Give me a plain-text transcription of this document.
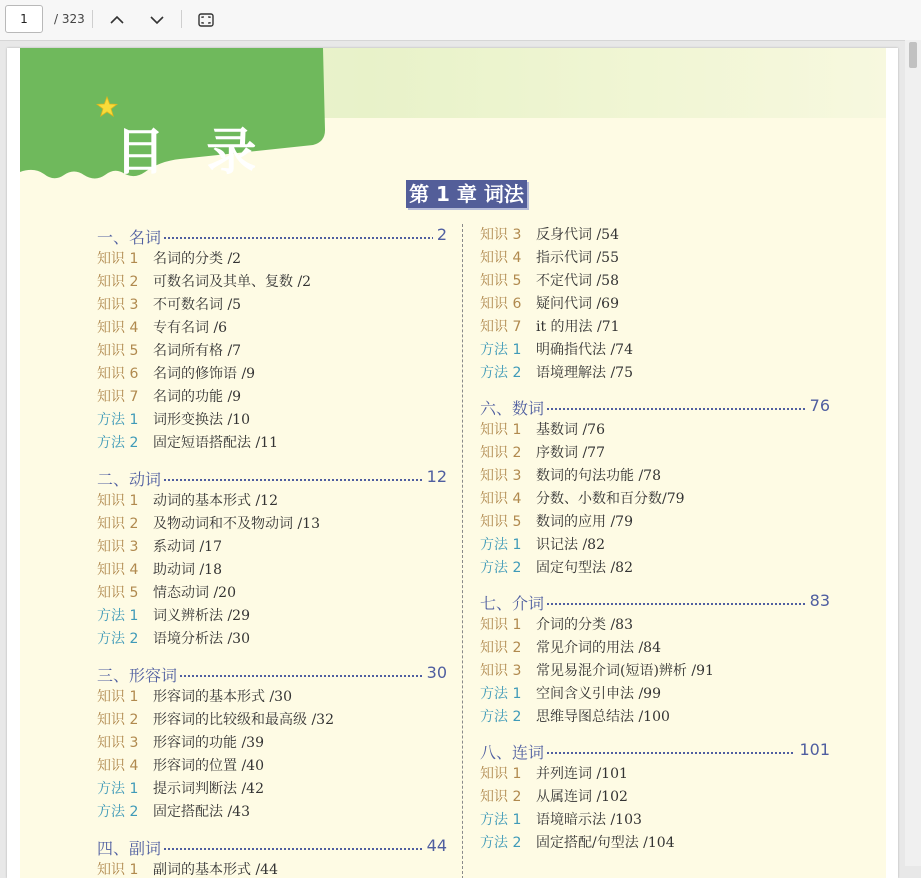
1
/ 323
目 录
第 1 章 词法
一、名词	2
知识 1 名词的分类 /2
知识 2 可数名词及其单、复数 /2
知识 3 不可数名词 /5
知识 4 专有名词 /6
知识 5 名词所有格 /7
知识 6 名词的修饰语 /9
知识 7 名词的功能 /9
方法 1 词形变换法 /10
方法 2 固定短语搭配法 /11
二、动词	12
知识 1 动词的基本形式 /12
知识 2 及物动词和不及物动词 /13
知识 3 系动词 /17
知识 4 助动词 /18
知识 5 情态动词 /20
方法 1 词义辨析法 /29
方法 2 语境分析法 /30
三、形容词	30
知识 1 形容词的基本形式 /30
知识 2 形容词的比较级和最高级 /32
知识 3 形容词的功能 /39
知识 4 形容词的位置 /40
方法 1 提示词判断法 /42
方法 2 固定搭配法 /43
四、副词	44
知识 1 副词的基本形式 /44
知识 3 反身代词 /54
知识 4 指示代词 /55
知识 5 不定代词 /58
知识 6 疑问代词 /69
知识 7 it 的用法 /71
方法 1 明确指代法 /74
方法 2 语境理解法 /75
六、数词	76
知识 1 基数词 /76
知识 2 序数词 /77
知识 3 数词的句法功能 /78
知识 4 分数、小数和百分数/79
知识 5 数词的应用 /79
方法 1 识记法 /82
方法 2 固定句型法 /82
七、介词	83
知识 1 介词的分类 /83
知识 2 常见介词的用法 /84
知识 3 常见易混介词(短语)辨析 /91
方法 1 空间含义引申法 /99
方法 2 思维导图总结法 /100
八、连词	101
知识 1 并列连词 /101
知识 2 从属连词 /102
方法 1 语境暗示法 /103
方法 2 固定搭配/句型法 /104
